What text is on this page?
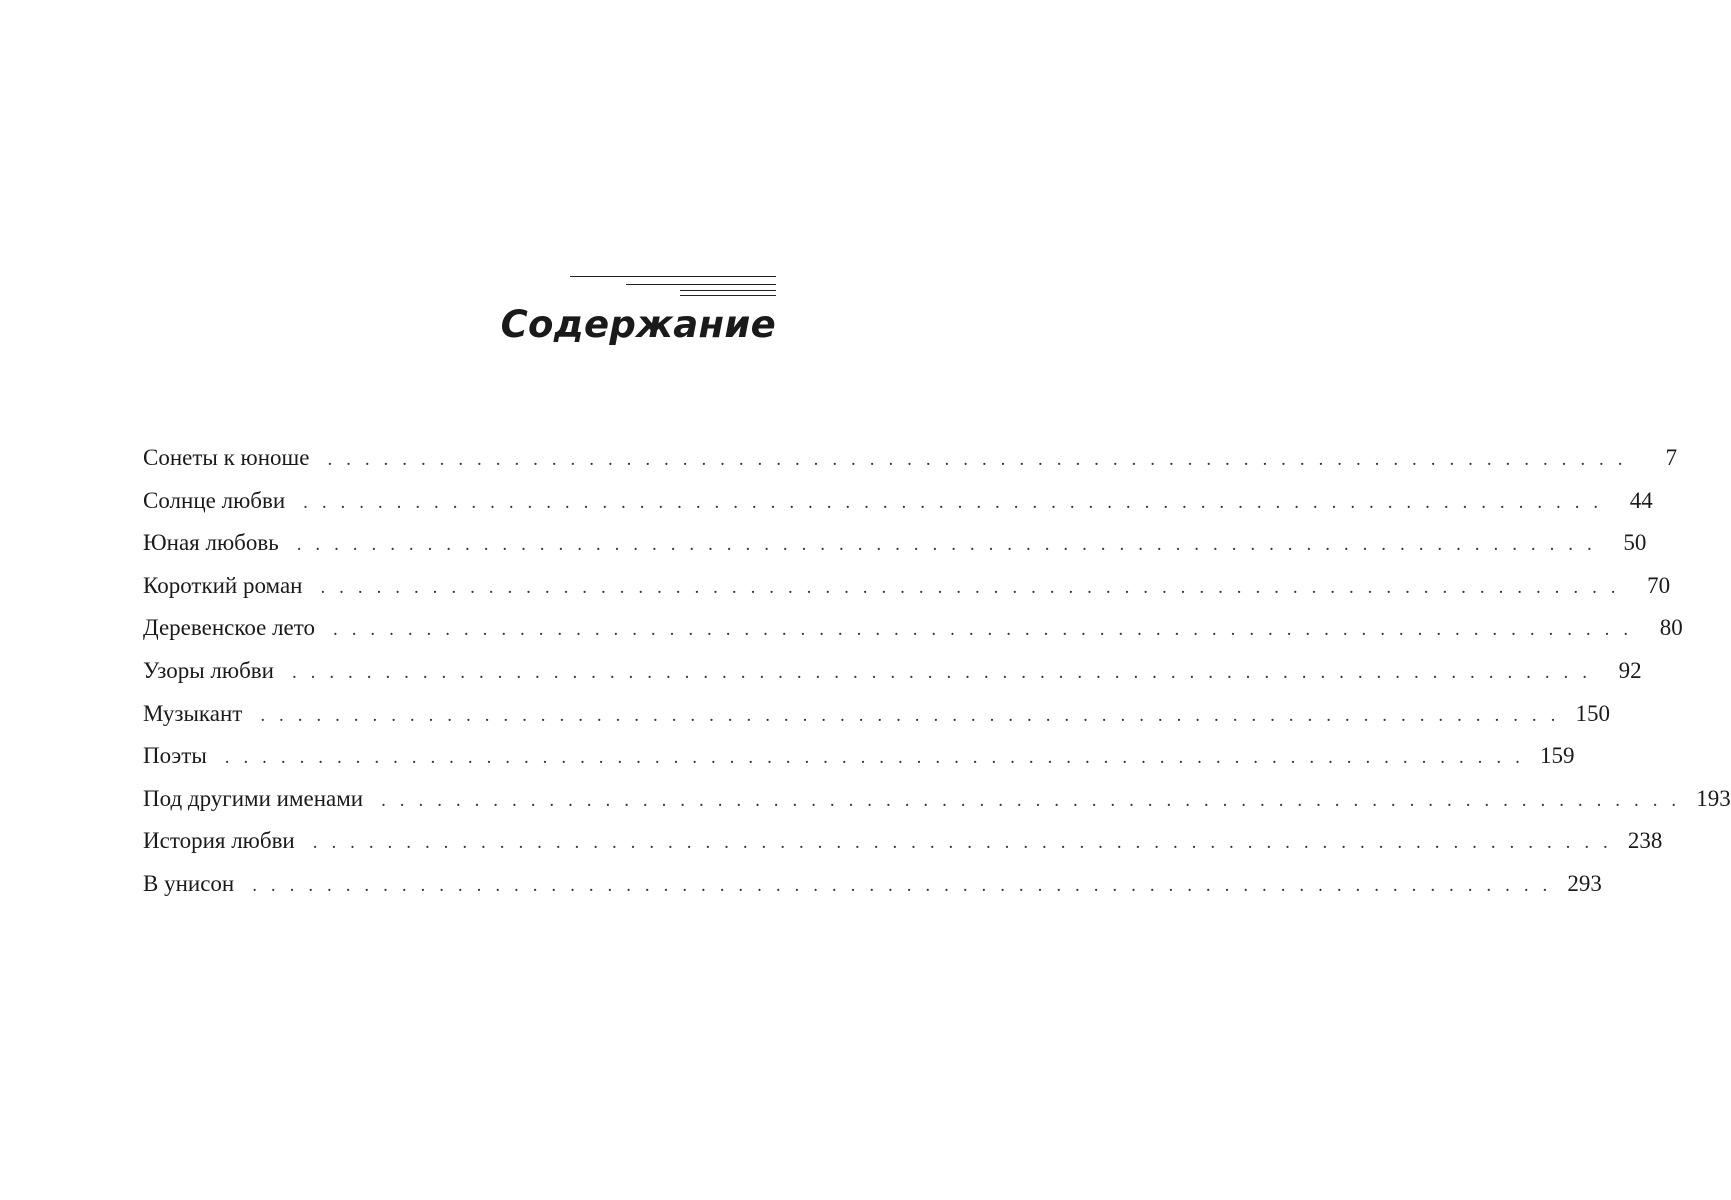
Содержание
Сонеты к юноше . . . . . . . . . . . . . . . . . . . . . . . . . . . . . . . . . . . . . . . . . . . . . . . . . . . . . . . . . . . . . . . . . . . . . .	7
Солнце любви . . . . . . . . . . . . . . . . . . . . . . . . . . . . . . . . . . . . . . . . . . . . . . . . . . . . . . . . . . . . . . . . . . . . . .	44
Юная любовь . . . . . . . . . . . . . . . . . . . . . . . . . . . . . . . . . . . . . . . . . . . . . . . . . . . . . . . . . . . . . . . . . . . . . .	50
Короткий роман . . . . . . . . . . . . . . . . . . . . . . . . . . . . . . . . . . . . . . . . . . . . . . . . . . . . . . . . . . . . . . . . . . . . . .	70
Деревенское лето . . . . . . . . . . . . . . . . . . . . . . . . . . . . . . . . . . . . . . . . . . . . . . . . . . . . . . . . . . . . . . . . . . . . . .	80
Узоры любви . . . . . . . . . . . . . . . . . . . . . . . . . . . . . . . . . . . . . . . . . . . . . . . . . . . . . . . . . . . . . . . . . . . . . .	92
Музыкант . . . . . . . . . . . . . . . . . . . . . . . . . . . . . . . . . . . . . . . . . . . . . . . . . . . . . . . . . . . . . . . . . . . . . . 150
Поэты . . . . . . . . . . . . . . . . . . . . . . . . . . . . . . . . . . . . . . . . . . . . . . . . . . . . . . . . . . . . . . . . . . . . . . 159
Под другими именами . . . . . . . . . . . . . . . . . . . . . . . . . . . . . . . . . . . . . . . . . . . . . . . . . . . . . . . . . . . . . . . . . . . . . . 193
История любви . . . . . . . . . . . . . . . . . . . . . . . . . . . . . . . . . . . . . . . . . . . . . . . . . . . . . . . . . . . . . . . . . . . . . . 238
В унисон . . . . . . . . . . . . . . . . . . . . . . . . . . . . . . . . . . . . . . . . . . . . . . . . . . . . . . . . . . . . . . . . . . . . . . 293
